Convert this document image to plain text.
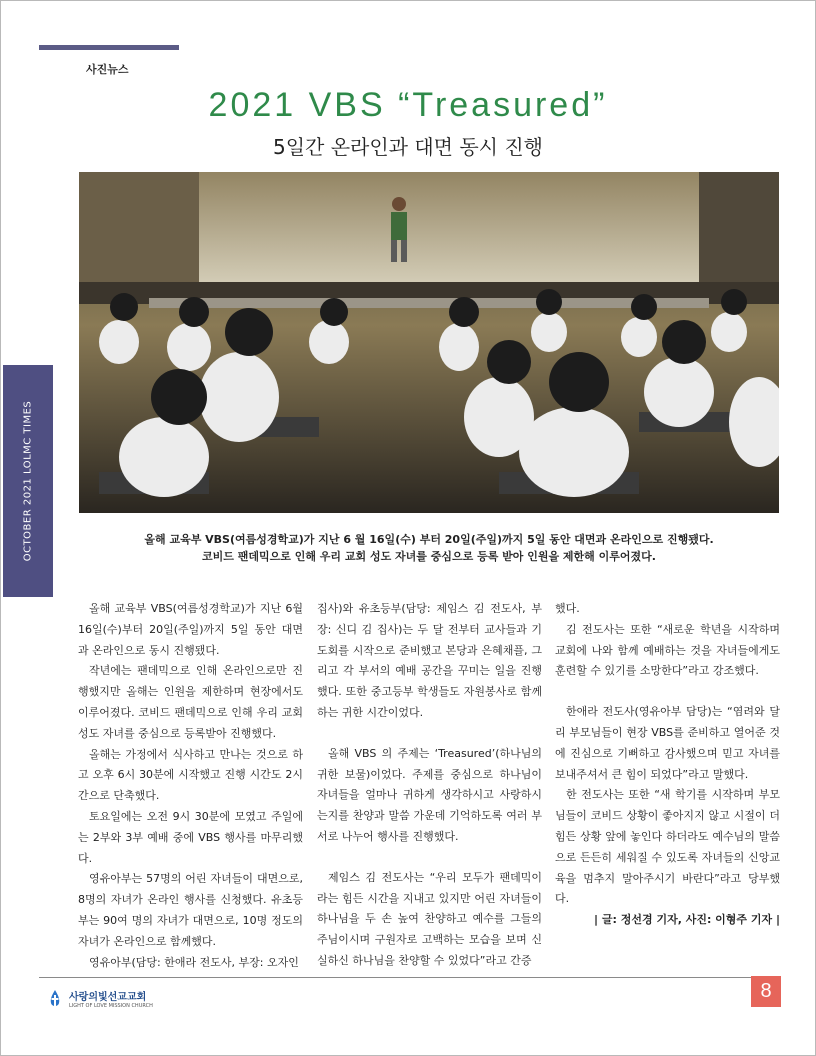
사진뉴스
2021 VBS “Treasured”
5일간 온라인과 대면 동시 진행
OCTOBER 2021 LOLMC TIMES	올해 교육부 VBS(여름성경학교)가 지난 6 월 16일(수) 부터 20일(주일)까지 5일 동안 대면과 온라인으로 진행됐다.
코비드 팬데믹으로 인해 우리 교회 성도 자녀를 중심으로 등록 받아 인원을 제한해 이루어졌다.

올해 교육부 VBS(여름성경학교)가 지난 6월 16일(수)부터 20일(주일)까지 5일 동안 대면과 온라인으로 동시 진행됐다.

작년에는 팬데믹으로 인해 온라인으로만 진행했지만 올해는 인원을 제한하며 현장에서도 이루어졌다. 코비드 팬데믹으로 인해 우리 교회 성도 자녀를 중심으로 등록받아 진행했다.

올해는 가정에서 식사하고 만나는 것으로 하고 오후 6시 30분에 시작했고 진행 시간도 2시간으로 단축했다.

토요일에는 오전 9시 30분에 모였고 주일에는 2부와 3부 예배 중에 VBS 행사를 마무리했다.

영유아부는 57명의 어린 자녀들이 대면으로, 8명의 자녀가 온라인 행사를 신청했다. 유초등부는 90여 명의 자녀가 대면으로, 10명 정도의 자녀가 온라인으로 함께했다.

영유아부(담당: 한애라 전도사, 부장: 오자인

집사)와 유초등부(담당: 제임스 김 전도사, 부장: 신디 김 집사)는 두 달 전부터 교사들과 기도회를 시작으로 준비했고 본당과 은혜채플, 그리고 각 부서의 예배 공간을 꾸미는 일을 진행했다. 또한 중고등부 학생들도 자원봉사로 함께하는 귀한 시간이었다.

올해 VBS 의 주제는 ‘Treasured’(하나님의 귀한 보물)이었다. 주제를 중심으로 하나님이 자녀들을 얼마나 귀하게 생각하시고 사랑하시는지를 찬양과 말씀 가운데 기억하도록 여러 부서로 나누어 행사를 진행했다.

제임스 김 전도사는 “우리 모두가 팬데믹이라는 힘든 시간을 지내고 있지만 어린 자녀들이 하나님을 두 손 높여 찬양하고 예수를 그들의 주님이시며 구원자로 고백하는 모습을 보며 신실하신 하나님을 찬양할 수 있었다”라고 간증

했다.

김 전도사는 또한 “새로운 학년을 시작하며 교회에 나와 함께 예배하는 것을 자녀들에게도 훈련할 수 있기를 소망한다”라고 강조했다.

한애라 전도사(영유아부 담당)는 “염려와 달리 부모님들이 현장 VBS를 준비하고 열어준 것에 진심으로 기뻐하고 감사했으며 믿고 자녀를 보내주셔서 큰 힘이 되었다”라고 말했다.

한 전도사는 또한 “새 학기를 시작하며 부모님들이 코비드 상황이 좋아지지 않고 시절이 더 힘든 상황 앞에 놓인다 하더라도 예수님의 말씀으로 든든히 세워질 수 있도록 자녀들의 신앙교육을 멈추지 말아주시기 바란다”라고 당부했다.

| 글: 정선경 기자, 사진: 이형주 기자 |

사랑의빛선교교회
LIGHT OF LOVE MISSION CHURCH
8
